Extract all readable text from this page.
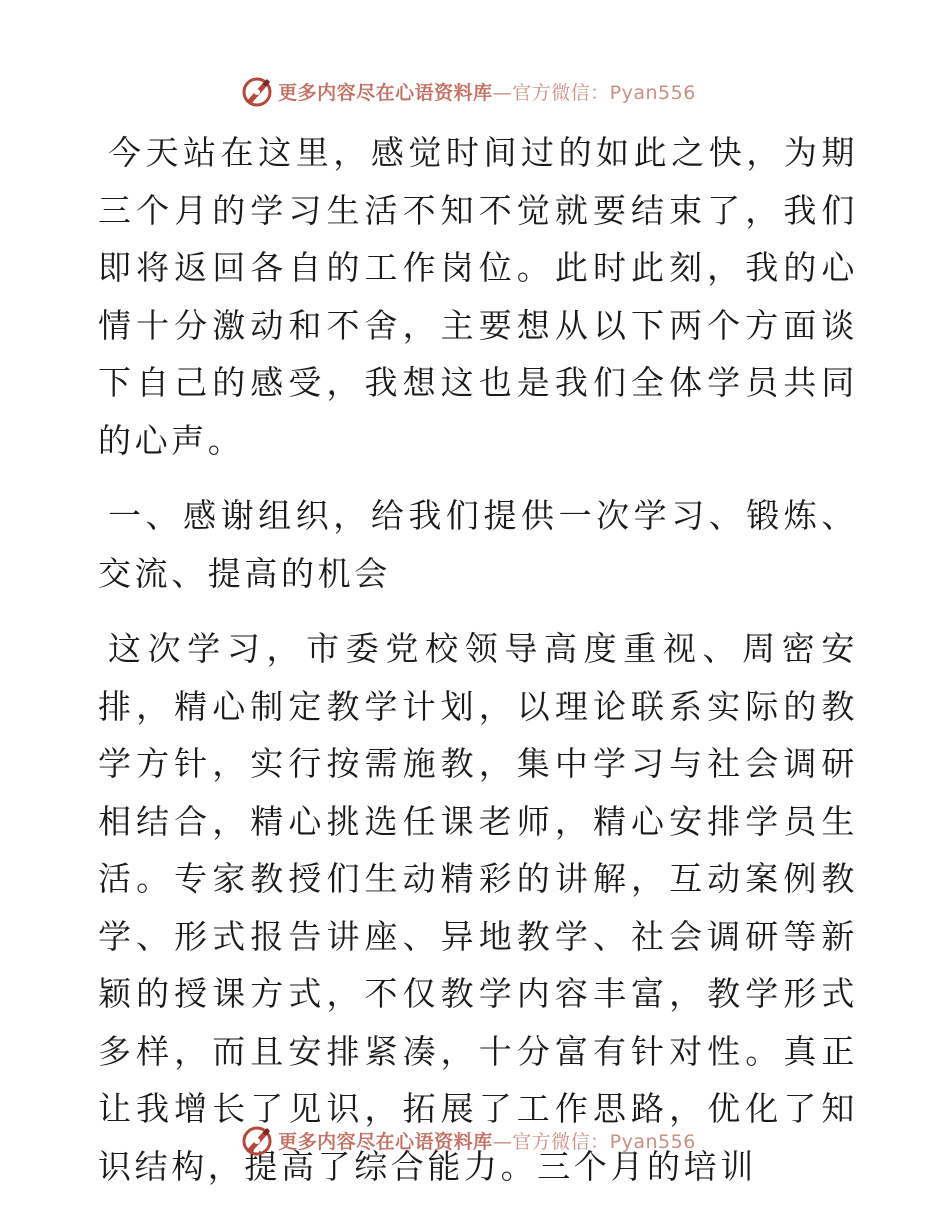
更多内容尽在心语资料库—官方微信：Pyan556

今天站在这里，感觉时间过的如此之快，为期三个月的学习生活不知不觉就要结束了，我们即将返回各自的工作岗位。此时此刻，我的心情十分激动和不舍，主要想从以下两个方面谈下自己的感受，我想这也是我们全体学员共同的心声。

一、感谢组织，给我们提供一次学习、锻炼、交流、提高的机会

这次学习，市委党校领导高度重视、周密安排，精心制定教学计划，以理论联系实际的教学方针，实行按需施教，集中学习与社会调研相结合，精心挑选任课老师，精心安排学员生活。专家教授们生动精彩的讲解，互动案例教学、形式报告讲座、异地教学、社会调研等新颖的授课方式，不仅教学内容丰富，教学形式多样，而且安排紧凑，十分富有针对性。真正让我增长了见识，拓展了工作思路，优化了知识结构，提高了综合能力。三个月的培训

更多内容尽在心语资料库—官方微信：Pyan556
